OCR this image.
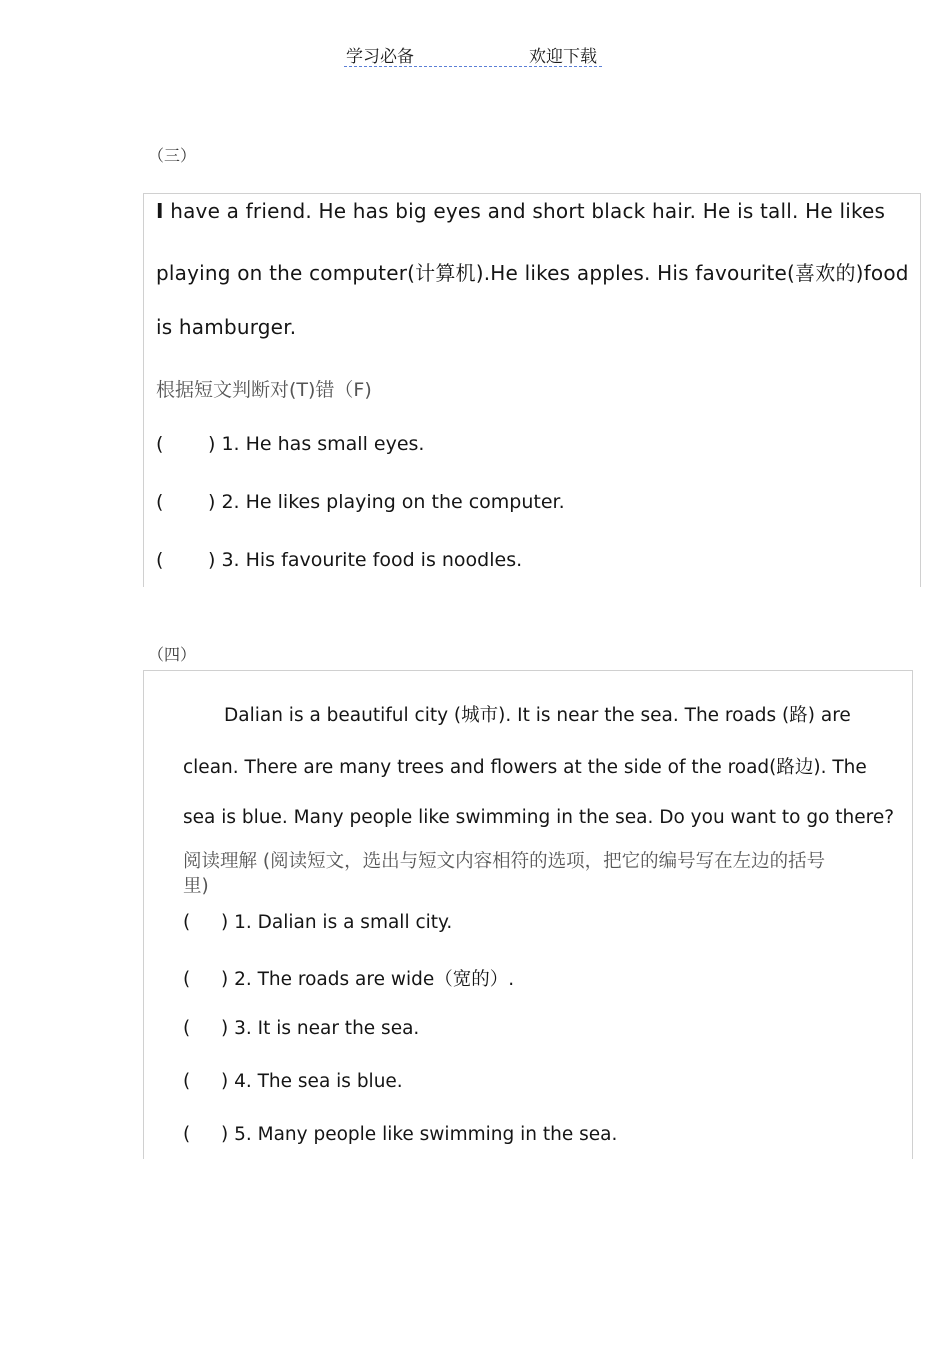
学习必备	欢迎下载
（三）
I have a friend. He has big eyes and short black hair. He is tall. He likes
playing on the computer(计算机).He likes apples. His favourite(喜欢的)food
is hamburger.
根据短文判断对(T)错（F)
( ) 1. He has small eyes.
( ) 2. He likes playing on the computer.
( ) 3. His favourite food is noodles.
（四）
Dalian is a beautiful city (城市). It is near the sea. The roads (路) are
clean. There are many trees and flowers at the side of the road(路边). The
sea is blue. Many people like swimming in the sea. Do you want to go there?
阅读理解 (阅读短文，选出与短文内容相符的选项，把它的编号写在左边的括号
里)
( ) 1. Dalian is a small city.
( ) 2. The roads are wide（宽的）.
( ) 3. It is near the sea.
( ) 4. The sea is blue.
( ) 5. Many people like swimming in the sea.
